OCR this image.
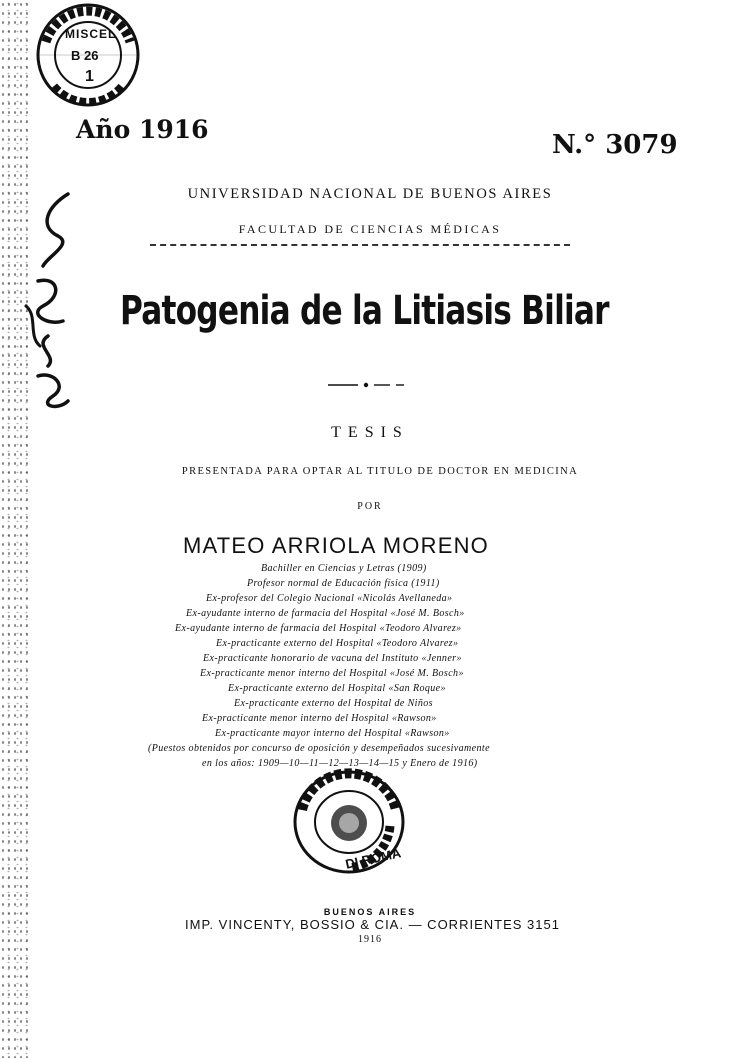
MISCEL
B 26
1
Año 1916
N.° 3079
UNIVERSIDAD NACIONAL DE BUENOS AIRES
FACULTAD DE CIENCIAS MÉDICAS
Patogenia de la Litiasis Biliar
TESIS
PRESENTADA PARA OPTAR AL TITULO DE DOCTOR EN MEDICINA
POR
MATEO ARRIOLA MORENO
Bachiller en Ciencias y Letras (1909)
Profesor normal de Educación física (1911)
Ex-profesor del Colegio Nacional «Nicolás Avellaneda»
Ex-ayudante interno de farmacia del Hospital «José M. Bosch»
Ex-ayudante interno de farmacia del Hospital «Teodoro Alvarez»
Ex-practicante externo del Hospital «Teodoro Alvarez»
Ex-practicante honorario de vacuna del Instituto «Jenner»
Ex-practicante menor interno del Hospital «José M. Bosch»
Ex-practicante externo del Hospital «San Roque»
Ex-practicante externo del Hospital de Niños
Ex-practicante menor interno del Hospital «Rawson»
Ex-practicante mayor interno del Hospital «Rawson»
(Puestos obtenidos por concurso de oposición y desempeñados sucesivamente
en los años: 1909—10—11—12—13—14—15 y Enero de 1916)
DI ROMA
BUENOS AIRES
IMP. VINCENTY, BOSSIO & CIA. — CORRIENTES 3151
1916
